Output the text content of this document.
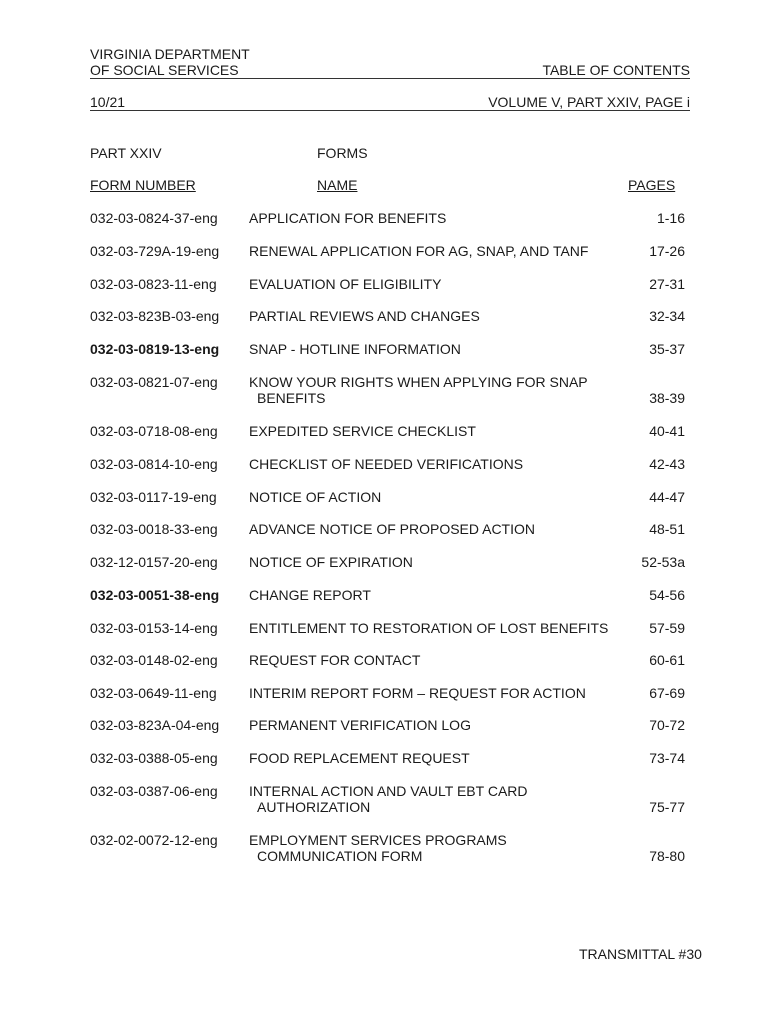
VIRGINIA DEPARTMENT
OF SOCIAL SERVICES	TABLE OF CONTENTS
10/21	VOLUME V, PART XXIV, PAGE i
PART XXIV	FORMS
FORM NUMBER	NAME	PAGES
032-03-0824-37-eng APPLICATION FOR BENEFITS	1-16
032-03-729A-19-eng RENEWAL APPLICATION FOR AG, SNAP, AND TANF	17-26
032-03-0823-11-eng EVALUATION OF ELIGIBILITY	27-31
032-03-823B-03-eng PARTIAL REVIEWS AND CHANGES	32-34
032-03-0819-13-eng SNAP - HOTLINE INFORMATION	35-37
032-03-0821-07-eng KNOW YOUR RIGHTS WHEN APPLYING FOR SNAP
BENEFITS	38-39
032-03-0718-08-eng EXPEDITED SERVICE CHECKLIST	40-41
032-03-0814-10-eng CHECKLIST OF NEEDED VERIFICATIONS	42-43
032-03-0117-19-eng NOTICE OF ACTION	44-47
032-03-0018-33-eng ADVANCE NOTICE OF PROPOSED ACTION	48-51
032-12-0157-20-eng NOTICE OF EXPIRATION	52-53a
032-03-0051-38-eng CHANGE REPORT	54-56
032-03-0153-14-eng ENTITLEMENT TO RESTORATION OF LOST BENEFITS	57-59
032-03-0148-02-eng REQUEST FOR CONTACT	60-61
032-03-0649-11-eng INTERIM REPORT FORM – REQUEST FOR ACTION	67-69
032-03-823A-04-eng PERMANENT VERIFICATION LOG	70-72
032-03-0388-05-eng FOOD REPLACEMENT REQUEST	73-74
032-03-0387-06-eng INTERNAL ACTION AND VAULT EBT CARD
AUTHORIZATION	75-77
032-02-0072-12-eng EMPLOYMENT SERVICES PROGRAMS
COMMUNICATION FORM	78-80
TRANSMITTAL #30
